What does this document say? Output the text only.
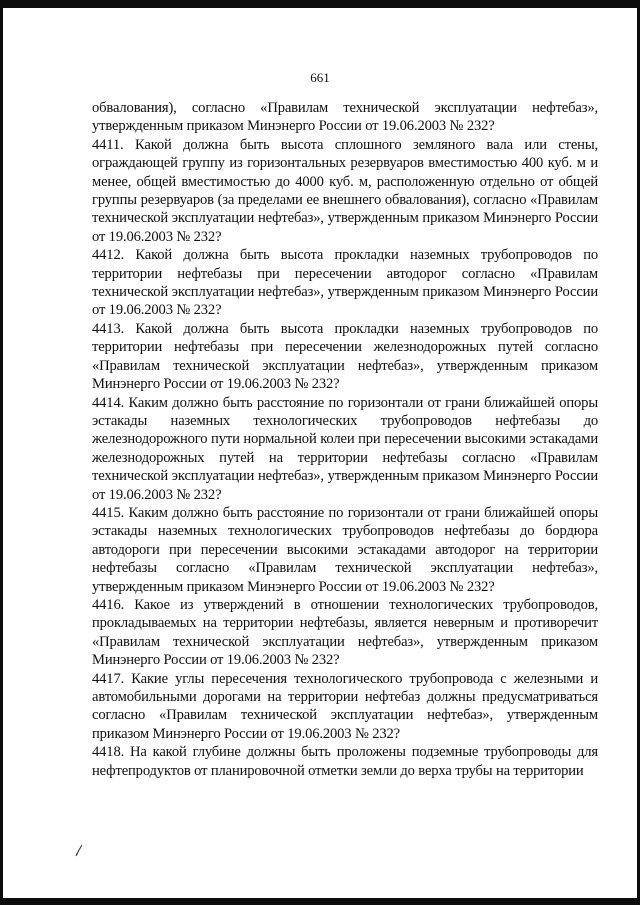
661

обвалования), согласно «Правилам технической эксплуатации нефтебаз», утвержденным приказом Минэнерго России от 19.06.2003 № 232?

4411. Какой должна быть высота сплошного земляного вала или стены, ограждающей группу из горизонтальных резервуаров вместимостью 400 куб. м и менее, общей вместимостью до 4000 куб. м, расположенную отдельно от общей группы резервуаров (за пределами ее внешнего обвалования), согласно «Правилам технической эксплуатации нефтебаз», утвержденным приказом Минэнерго России от 19.06.2003 № 232?

4412. Какой должна быть высота прокладки наземных трубопроводов по территории нефтебазы при пересечении автодорог согласно «Правилам технической эксплуатации нефтебаз», утвержденным приказом Минэнерго России от 19.06.2003 № 232?

4413. Какой должна быть высота прокладки наземных трубопроводов по территории нефтебазы при пересечении железнодорожных путей согласно «Правилам технической эксплуатации нефтебаз», утвержденным приказом Минэнерго России от 19.06.2003 № 232?

4414. Каким должно быть расстояние по горизонтали от грани ближайшей опоры эстакады наземных технологических трубопроводов нефтебазы до железнодорожного пути нормальной колеи при пересечении высокими эстакадами железнодорожных путей на территории нефтебазы согласно «Правилам технической эксплуатации нефтебаз», утвержденным приказом Минэнерго России от 19.06.2003 № 232?

4415. Каким должно быть расстояние по горизонтали от грани ближайшей опоры эстакады наземных технологических трубопроводов нефтебазы до бордюра автодороги при пересечении высокими эстакадами автодорог на территории нефтебазы согласно «Правилам технической эксплуатации нефтебаз», утвержденным приказом Минэнерго России от 19.06.2003 № 232?

4416. Какое из утверждений в отношении технологических трубопроводов, прокладываемых на территории нефтебазы, является неверным и противоречит «Правилам технической эксплуатации нефтебаз», утвержденным приказом Минэнерго России от 19.06.2003 № 232?

4417. Какие углы пересечения технологического трубопровода с железными и автомобильными дорогами на территории нефтебаз должны предусматриваться согласно «Правилам технической эксплуатации нефтебаз», утвержденным приказом Минэнерго России от 19.06.2003 № 232?

4418. На какой глубине должны быть проложены подземные трубопроводы для нефтепродуктов от планировочной отметки земли до верха трубы на территории
